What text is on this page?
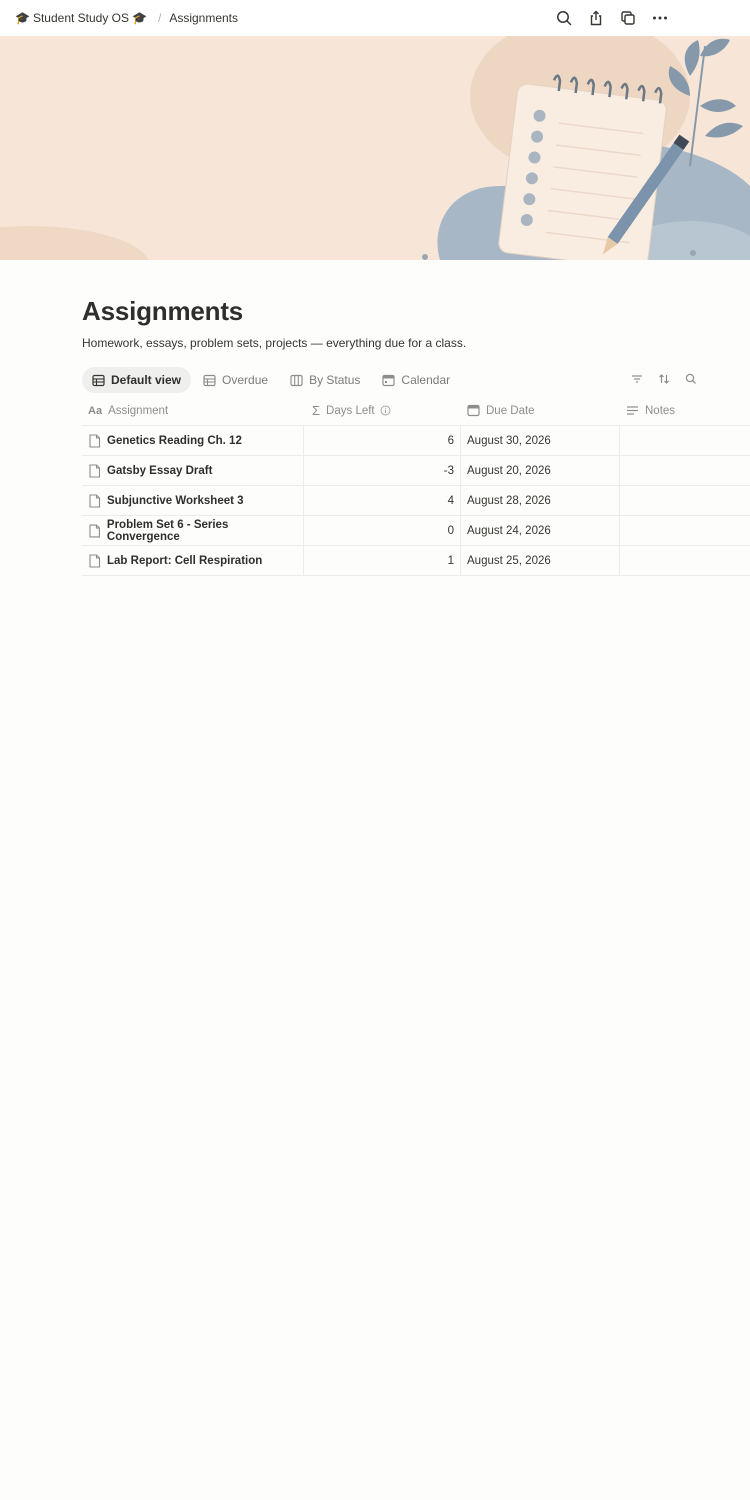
🎓 Student Study OS 🎓 / Assignments
Assignments
Homework, essays, problem sets, projects — everything due for a class.
Default view	Overdue	By Status	Calendar
Aa Assignment	Σ Days Left	Due Date	Notes
Genetics Reading Ch. 12	6	August 30, 2026
Gatsby Essay Draft	-3	August 20, 2026
Subjunctive Worksheet 3	4	August 28, 2026
Problem Set 6 - Series Convergence	0	August 24, 2026
Lab Report: Cell Respiration	1	August 25, 2026
